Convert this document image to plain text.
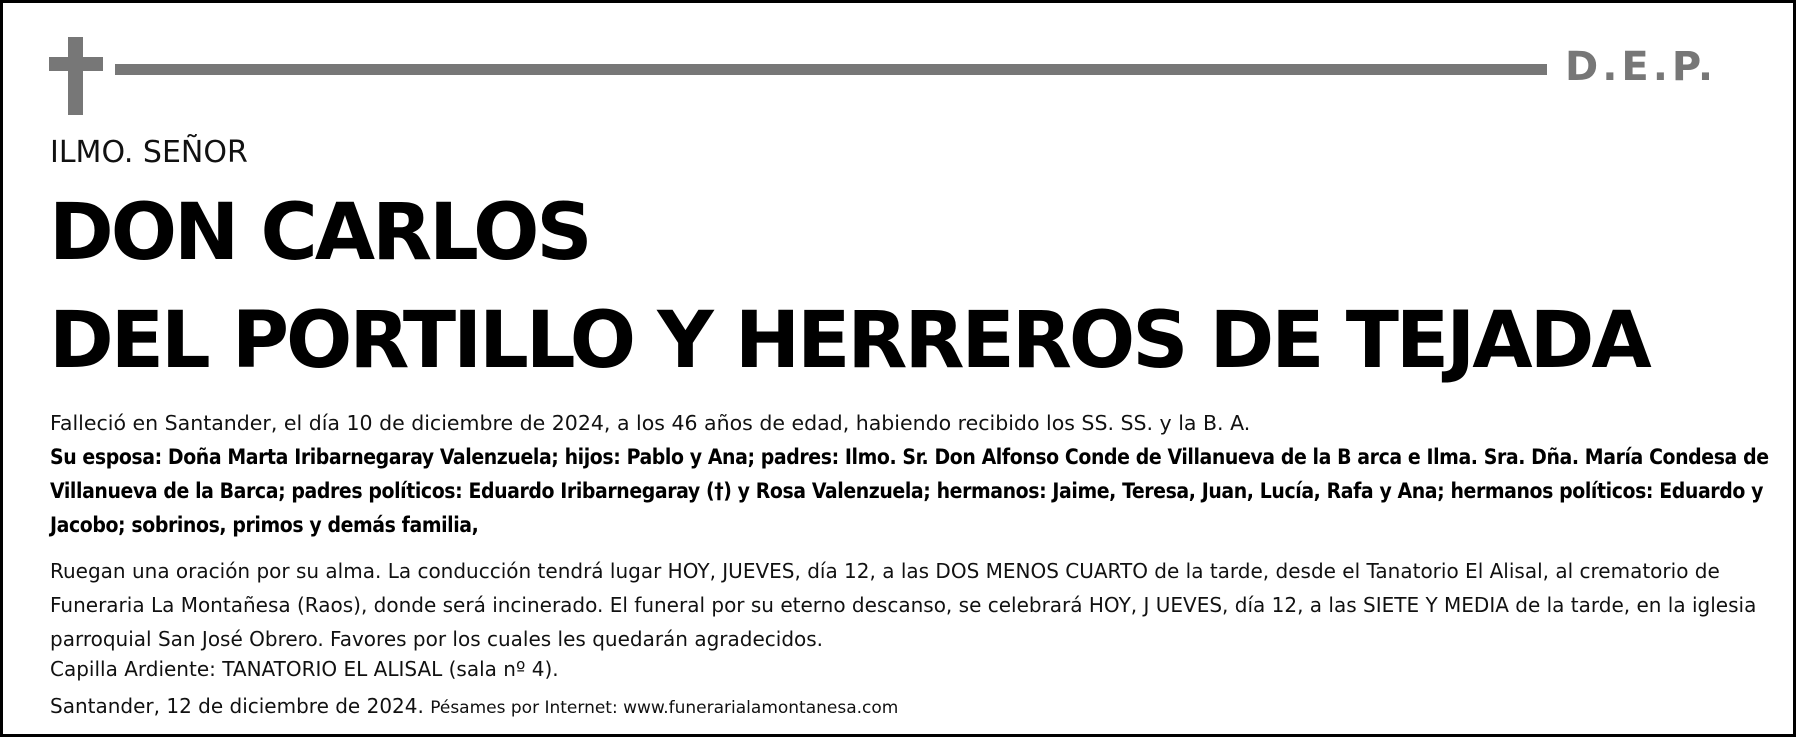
D.E.P.
ILMO. SEÑOR
DON CARLOS
DEL PORTILLO Y HERREROS DE TEJADA
Falleció en Santander, el día 10 de diciembre de 2024, a los 46 años de edad, habiendo recibido los SS. SS. y la B. A.
Su esposa: Doña Marta Iribarnegaray Valenzuela; hijos: Pablo y Ana; padres: Ilmo. Sr. Don Alfonso Conde de Villanueva de la B arca e Ilma. Sra. Dña. María Condesa de Villanueva de la Barca; padres políticos: Eduardo Iribarnegaray (†) y Rosa Valenzuela; hermanos: Jaime, Teresa, Juan, Lucía, Rafa y Ana; hermanos políticos: Eduardo y Jacobo; sobrinos, primos y demás familia,
Ruegan una oración por su alma. La conducción tendrá lugar HOY, JUEVES, día 12, a las DOS MENOS CUARTO de la tarde, desde el Tanatorio El Alisal, al crematorio de Funeraria La Montañesa (Raos), donde será incinerado. El funeral por su eterno descanso, se celebrará HOY, J UEVES, día 12, a las SIETE Y MEDIA de la tarde, en la iglesia parroquial San José Obrero. Favores por los cuales les quedarán agradecidos.
Capilla Ardiente: TANATORIO EL ALISAL (sala nº 4).
Santander, 12 de diciembre de 2024. Pésames por Internet: www.funerarialamontanesa.com
